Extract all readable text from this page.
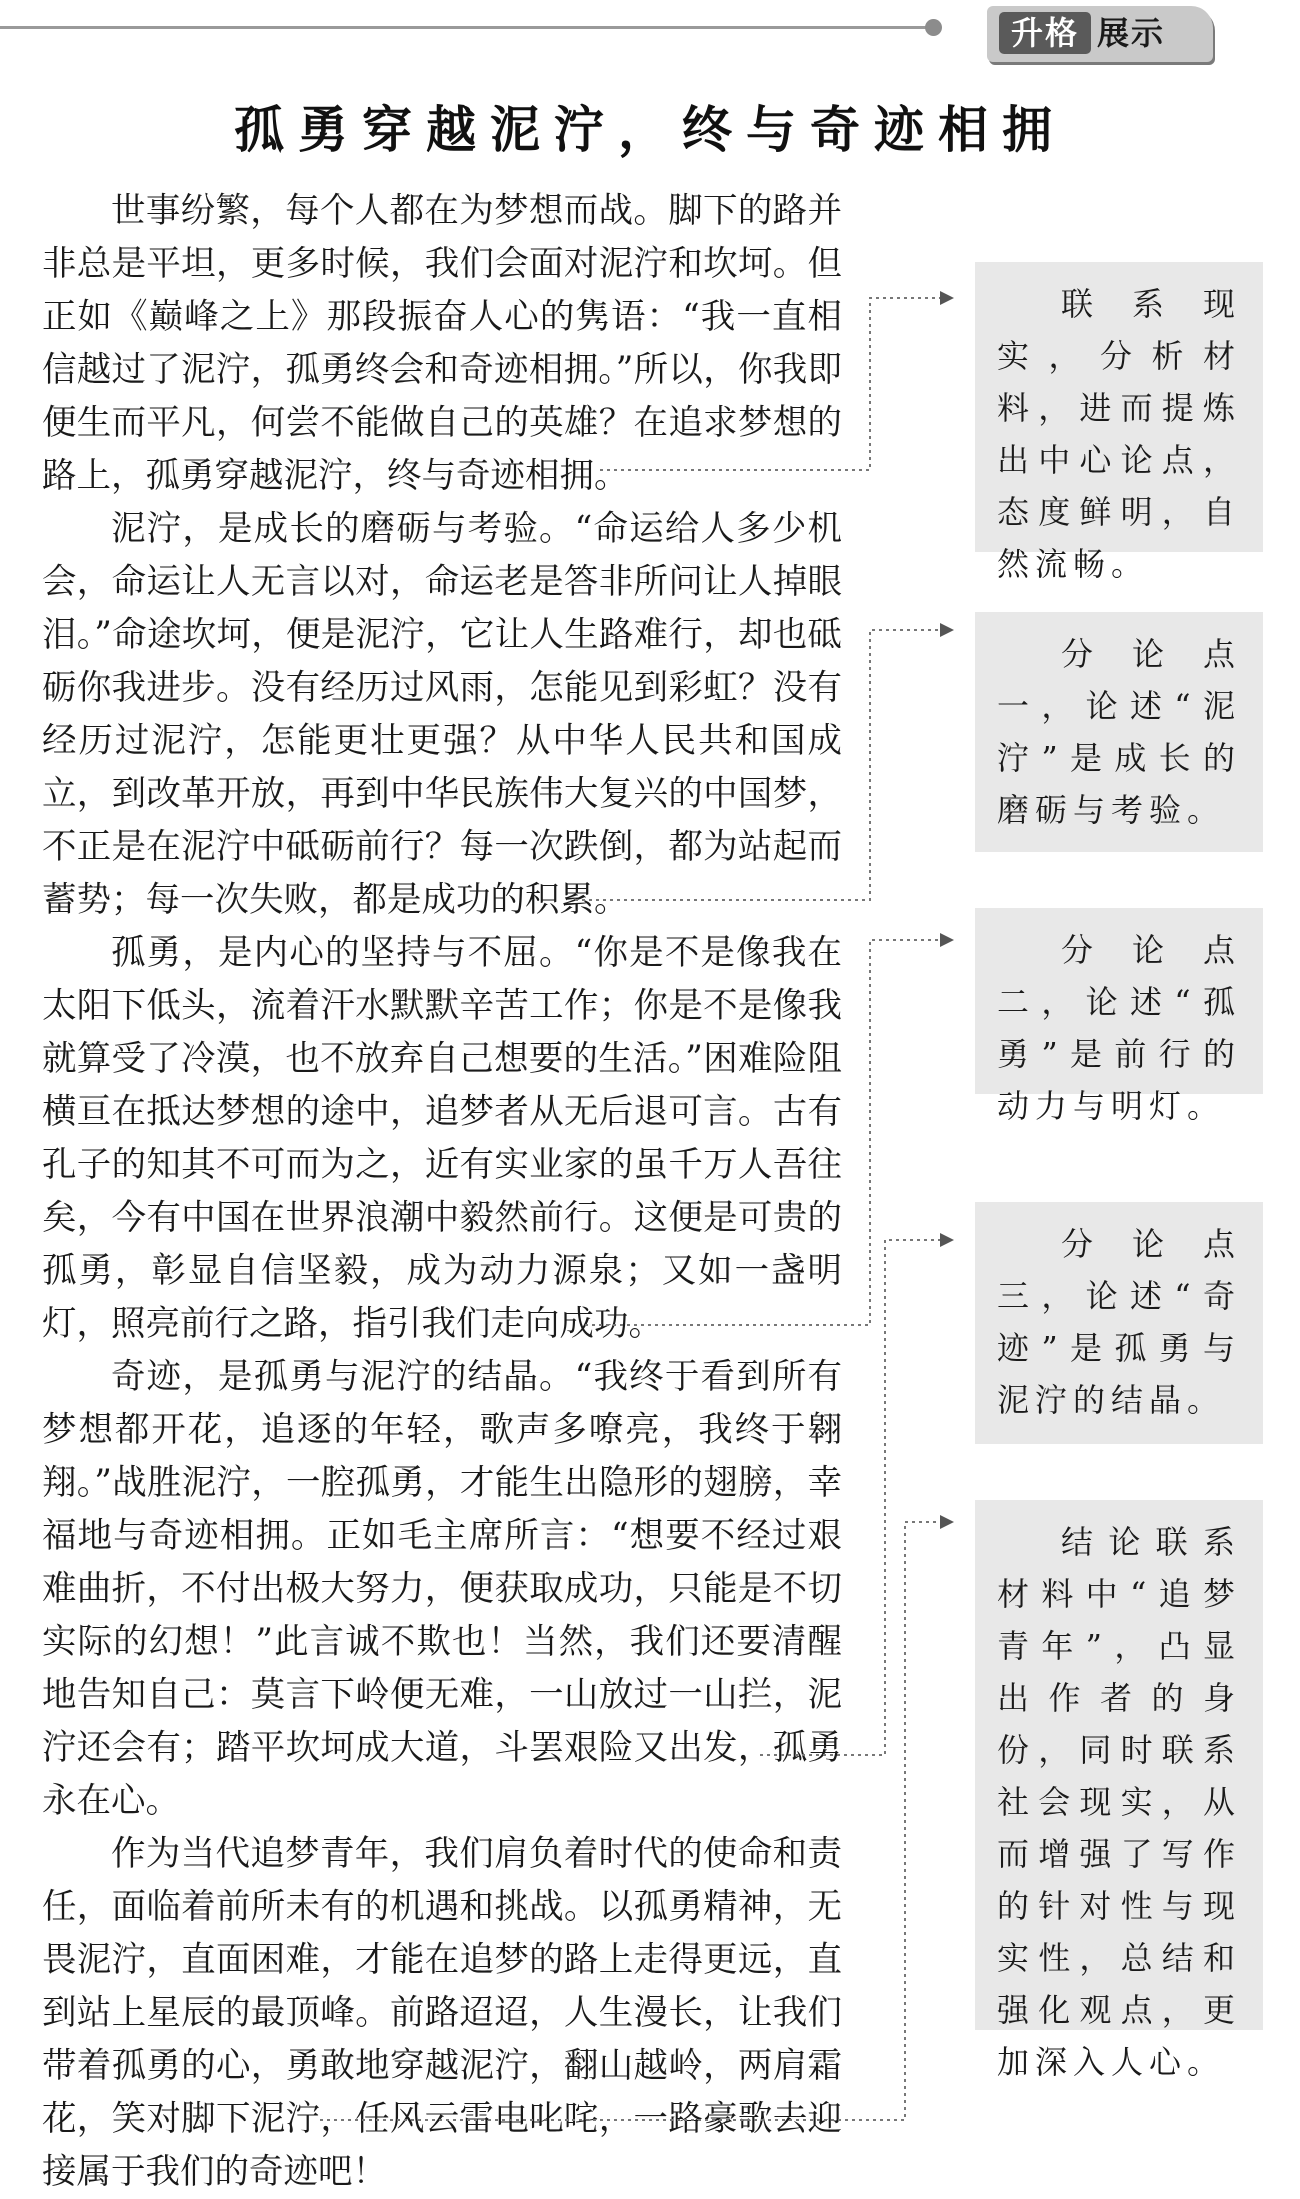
升格 展示
孤勇穿越泥泞，终与奇迹相拥

世事纷繁，每个人都在为梦想而战。脚下的路并非总是平坦，更多时候，我们会面对泥泞和坎坷。但正如《巅峰之上》那段振奋人心的隽语：“我一直相信越过了泥泞，孤勇终会和奇迹相拥。”所以，你我即便生而平凡，何尝不能做自己的英雄？在追求梦想的路上，孤勇穿越泥泞，终与奇迹相拥。

泥泞，是成长的磨砺与考验。“命运给人多少机会，命运让人无言以对，命运老是答非所问让人掉眼泪。”命途坎坷，便是泥泞，它让人生路难行，却也砥砺你我进步。没有经历过风雨，怎能见到彩虹？没有经历过泥泞，怎能更壮更强？从中华人民共和国成立，到改革开放，再到中华民族伟大复兴的中国梦，不正是在泥泞中砥砺前行？每一次跌倒，都为站起而蓄势；每一次失败，都是成功的积累。

孤勇，是内心的坚持与不屈。“你是不是像我在太阳下低头，流着汗水默默辛苦工作；你是不是像我就算受了冷漠，也不放弃自己想要的生活。”困难险阻横亘在抵达梦想的途中，追梦者从无后退可言。古有孔子的知其不可而为之，近有实业家的虽千万人吾往矣，今有中国在世界浪潮中毅然前行。这便是可贵的孤勇，彰显自信坚毅，成为动力源泉；又如一盏明灯，照亮前行之路，指引我们走向成功。

奇迹，是孤勇与泥泞的结晶。“我终于看到所有梦想都开花，追逐的年轻，歌声多嘹亮，我终于翱翔。”战胜泥泞，一腔孤勇，才能生出隐形的翅膀，幸福地与奇迹相拥。正如毛主席所言：“想要不经过艰难曲折，不付出极大努力，便获取成功，只能是不切实际的幻想！”此言诚不欺也！当然，我们还要清醒地告知自己：莫言下岭便无难，一山放过一山拦，泥泞还会有；踏平坎坷成大道，斗罢艰险又出发，孤勇永在心。

作为当代追梦青年，我们肩负着时代的使命和责任，面临着前所未有的机遇和挑战。以孤勇精神，无畏泥泞，直面困难，才能在追梦的路上走得更远，直到站上星辰的最顶峰。前路迢迢，人生漫长，让我们带着孤勇的心，勇敢地穿越泥泞，翻山越岭，两肩霜花，笑对脚下泥泞，任风云雷电叱咤，一路豪歌去迎接属于我们的奇迹吧！

联系现实，分析材料，进而提炼出中心论点，态度鲜明，自然流畅。

分论点一，论述“泥泞”是成长的磨砺与考验。

分论点二，论述“孤勇”是前行的动力与明灯。

分论点三，论述“奇迹”是孤勇与泥泞的结晶。

结论联系材料中“追梦青年”，凸显出作者的身份，同时联系社会现实，从而增强了写作的针对性与现实性，总结和强化观点，更加深入人心。
